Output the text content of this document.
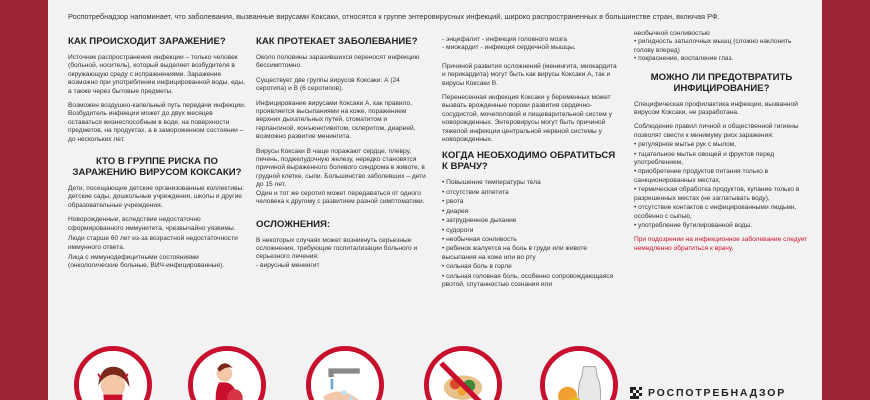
Роспотребнадзор напоминает, что заболевания, вызванные вирусами Коксаки, относятся к группе энтеровирусных инфекций, широко распространенных в большинстве стран, включая РФ.
КАК ПРОИСХОДИТ ЗАРАЖЕНИЕ?

Источник распространения инфекции – только человек (больной, носитель), который выделяет возбудителя в окружающую среду с испражнениями. Заражение возможно при употреблении инфицированной воды, еды, а также через бытовые предметы.

Возможен воздушно-капельный путь передачи инфекции.

Возбудитель инфекции может до двух месяцев оставаться жизнеспособным в воде, на поверхности предметов, на продуктах, а в замороженном состоянии – до нескольких лет.

КТО В ГРУППЕ РИСКА ПО ЗАРАЖЕНИЮ ВИРУСОМ КОКСАКИ?

Дети, посещающие детские организованные коллективы: детские сады, дошкольные учреждения, школы и другие образовательные учреждения.

Новорожденные, вследствие недостаточно сформированного иммунитета, чрезвычайно уязвимы.

Люди старше 60 лет из-за возрастной недостаточности иммунного ответа.

Лица с иммунодефицитными состояниями (онкологические больные, ВИЧ-инфицированные).

КАК ПРОТЕКАЕТ ЗАБОЛЕВАНИЕ?

Около половины заразившихся переносят инфекцию бессимптомно.

Существует две группы вирусов Коксаки: А (24 серотипа) и В (6 серотипов).

Инфицирование вирусами Коксаки А, как правило, проявляется высыпаниями на коже, поражением верхних дыхательных путей, стоматитом и герпангиной, конъюнктивитом, склеритом, диареей, возможно развитие менингита.

Вирусы Коксаки В чаще поражают сердце, плевру, печень, поджелудочную железу, нередко становятся причиной выраженного болевого синдрома в животе, в грудной клетке, сыпи. Большинство заболевших – дети до 15 лет.

Один и тот же серотип может передаваться от одного человека к другому с развитием разной симптоматики.

ОСЛОЖНЕНИЯ:

В некоторых случаях может возникнуть серьезные осложнения, требующие госпитализации больного и серьезного лечения:

- вирусный менингит

- энцефалит - инфекция головного мозга

- миокардит - инфекция сердечной мышцы.

Причиной развития осложнений (менингита, миокардита и перикардита) могут быть как вирусы Коксаки А, так и вирусы Коксаки В.

Перенесенная инфекция Коксаки у беременных может вызвать врожденные пороки развития сердечно-сосудистой, мочеполовой и пищеварительной систем у новорожденных. Энтеровирусы могут быть причиной тяжелой инфекции центральной нервной системы у новорожденных.

КОГДА НЕОБХОДИМО ОБРАТИТЬСЯ К ВРАЧУ?

• Повышение температуры тела

• отсутствие аппетита

• рвота

• диарея

• затрудненное дыхание

• судороги

• необычная сонливость

• ребенок жалуется на боль в груди или животе

высыпания на коже или во рту

• сильная боль в горле

• сильная головная боль, особенно сопровождающаяся рвотой, спутанностью сознания или

необычной сонливостью

• ригидность затылочных мышц (сложно наклонить голову вперед)

• покраснение, воспаление глаз.

МОЖНО ЛИ ПРЕДОТВРАТИТЬ ИНФИЦИРОВАНИЕ?

Специфическая профилактика инфекции, вызванной вирусом Коксаки, не разработана.

Соблюдение правил личной и общественной гигиены позволят свести к минимуму риск заражения:

• регулярное мытье рук с мылом,

• тщательное мытье овощей и фруктов перед употреблением,

• приобретение продуктов питания только в санкционированных местах,

• термическая обработка продуктов, купание только в разрешенных местах (не заглатывать воду),

• отсутствие контактов с инфицированными людьми, особенно с сыпью,

• употребление бутилированной воды.

При подозрении на инфекционное заболевание следует немедленно обратиться к врачу.

РОСПОТРЕБНАДЗОР
